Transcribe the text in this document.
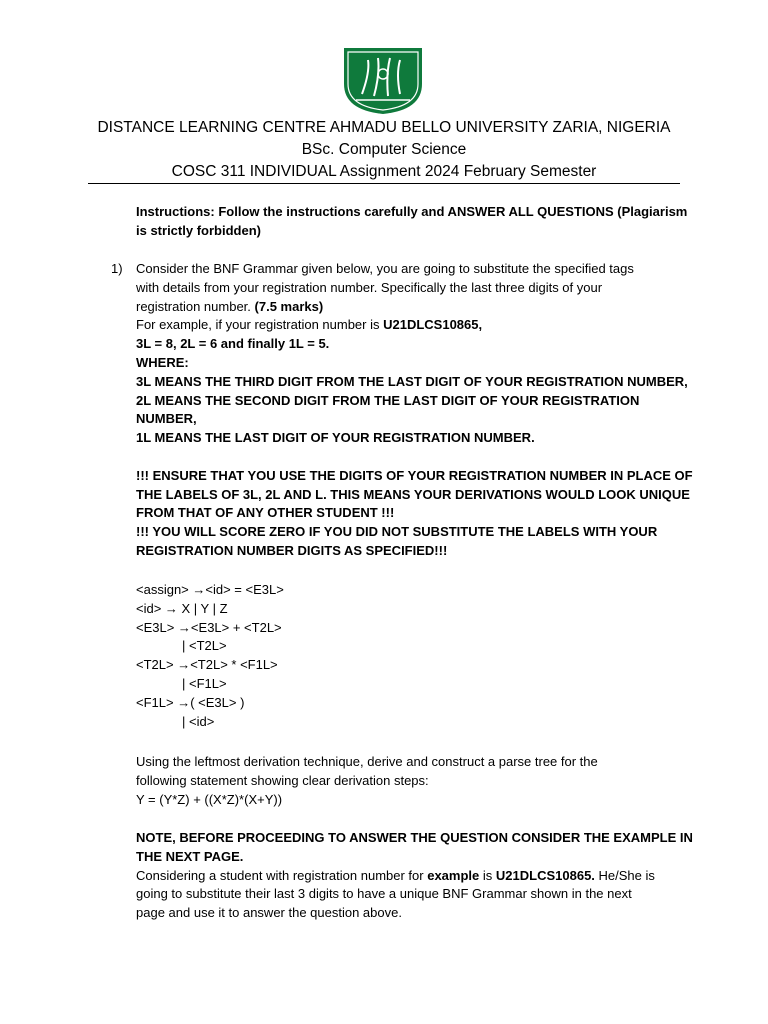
DISTANCE LEARNING CENTRE AHMADU BELLO UNIVERSITY ZARIA, NIGERIA
BSc. Computer Science
COSC 311 INDIVIDUAL Assignment 2024 February Semester
Instructions: Follow the instructions carefully and ANSWER ALL QUESTIONS (Plagiarism
is strictly forbidden)
1) Consider the BNF Grammar given below, you are going to substitute the specified tags
with details from your registration number. Specifically the last three digits of your
registration number. (7.5 marks)
For example, if your registration number is U21DLCS10865,
3L = 8, 2L = 6 and finally 1L = 5.
WHERE:
3L MEANS THE THIRD DIGIT FROM THE LAST DIGIT OF YOUR REGISTRATION NUMBER,
2L MEANS THE SECOND DIGIT FROM THE LAST DIGIT OF YOUR REGISTRATION
NUMBER,
1L MEANS THE LAST DIGIT OF YOUR REGISTRATION NUMBER.

!!! ENSURE THAT YOU USE THE DIGITS OF YOUR REGISTRATION NUMBER IN PLACE OF
THE LABELS OF 3L, 2L AND L. THIS MEANS YOUR DERIVATIONS WOULD LOOK UNIQUE
FROM THAT OF ANY OTHER STUDENT !!!
!!! YOU WILL SCORE ZERO IF YOU DID NOT SUBSTITUTE THE LABELS WITH YOUR
REGISTRATION NUMBER DIGITS AS SPECIFIED!!!
<assign> →<id> = <E3L>
<id> → X | Y | Z
<E3L> →<E3L> + <T2L>
| <T2L>
<T2L> →<T2L> * <F1L>
| <F1L>
<F1L> →( <E3L> )
| <id>
Using the leftmost derivation technique, derive and construct a parse tree for the
following statement showing clear derivation steps:
Y = (Y*Z) + ((X*Z)*(X+Y))
NOTE, BEFORE PROCEEDING TO ANSWER THE QUESTION CONSIDER THE EXAMPLE IN
THE NEXT PAGE.
Considering a student with registration number for example is U21DLCS10865. He/She is
going to substitute their last 3 digits to have a unique BNF Grammar shown in the next
page and use it to answer the question above.
